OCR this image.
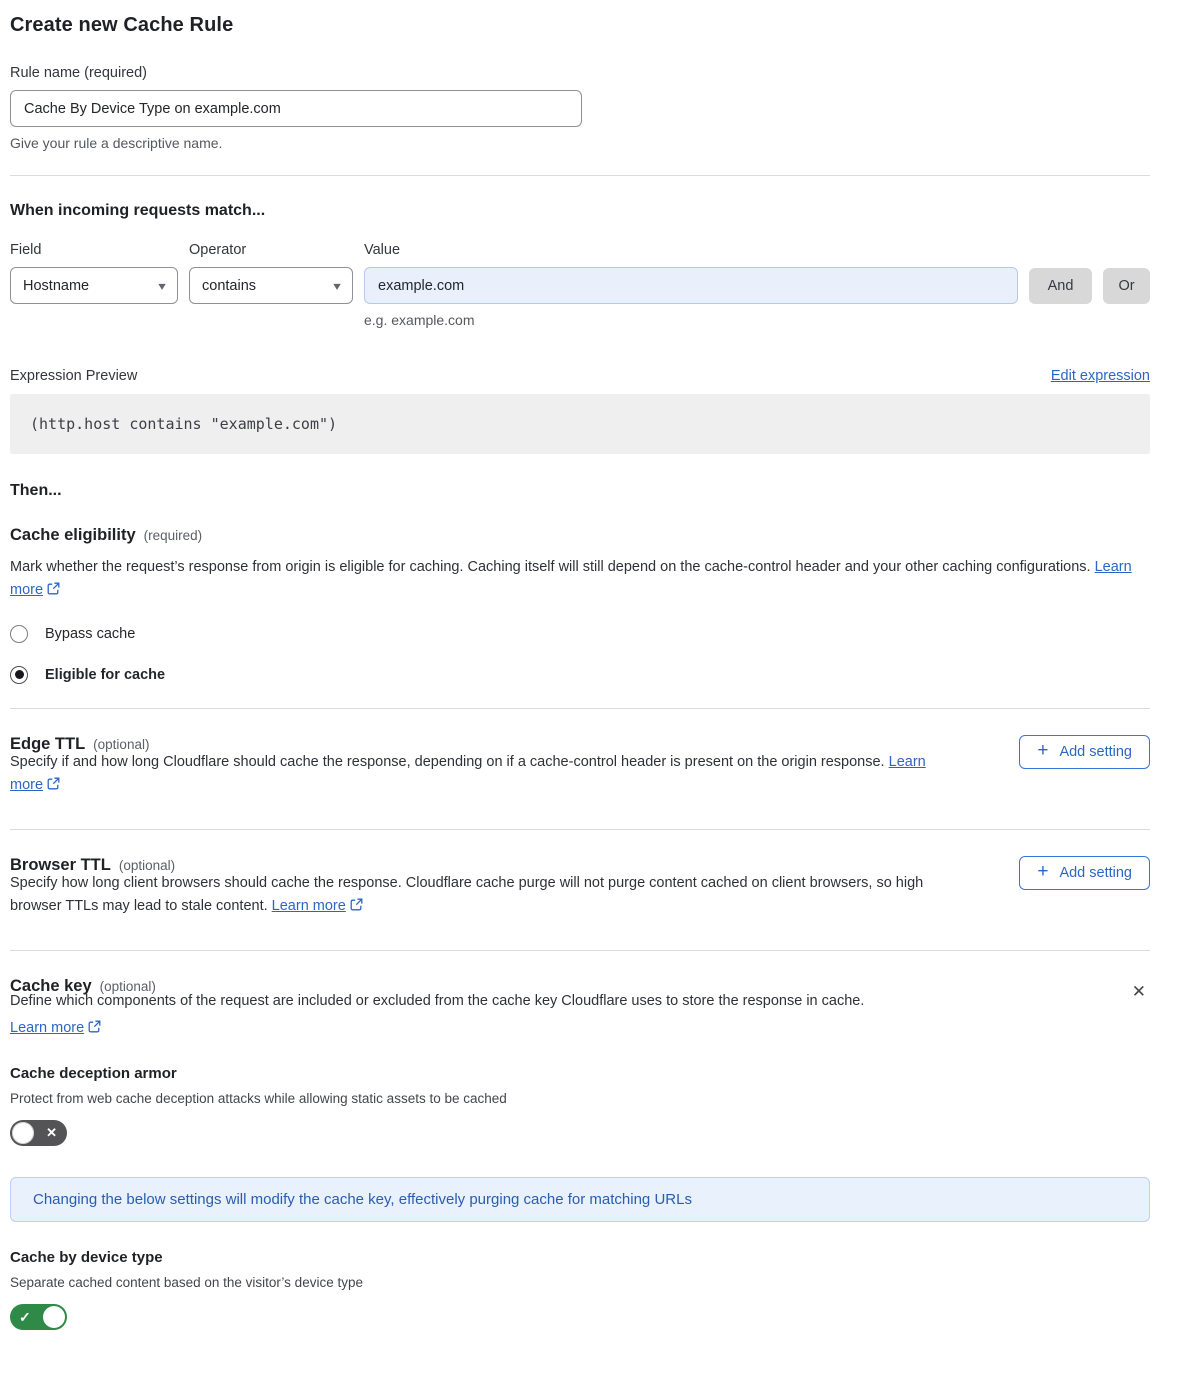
Create new Cache Rule
Rule name (required)
Cache By Device Type on example.com
Give your rule a descriptive name.
When incoming requests match...
Field
Hostname	▾
Operator
contains	▾
Value
example.com
And	Or
e.g. example.com
Expression Preview	Edit expression
(http.host contains "example.com")
Then...
Cache eligibility (required)

Mark whether the request’s response from origin is eligible for caching. Caching itself will still depend on the cache-control header and your other caching configurations. Learn more

Bypass cache
Eligible for cache
Edge TTL (optional)	+ Add setting

Specify if and how long Cloudflare should cache the response, depending on if a cache-control header is present on the origin response. Learn more

Browser TTL (optional)	+ Add setting

Specify how long client browsers should cache the response. Cloudflare cache purge will not purge content cached on client browsers, so high browser TTLs may lead to stale content. Learn more

Cache key (optional)	✕

Define which components of the request are included or excluded from the cache key Cloudflare uses to store the response in cache.

Learn more
Cache deception armor
Protect from web cache deception attacks while allowing static assets to be cached
✕
Changing the below settings will modify the cache key, effectively purging cache for matching URLs
Cache by device type
Separate cached content based on the visitor’s device type
✓
